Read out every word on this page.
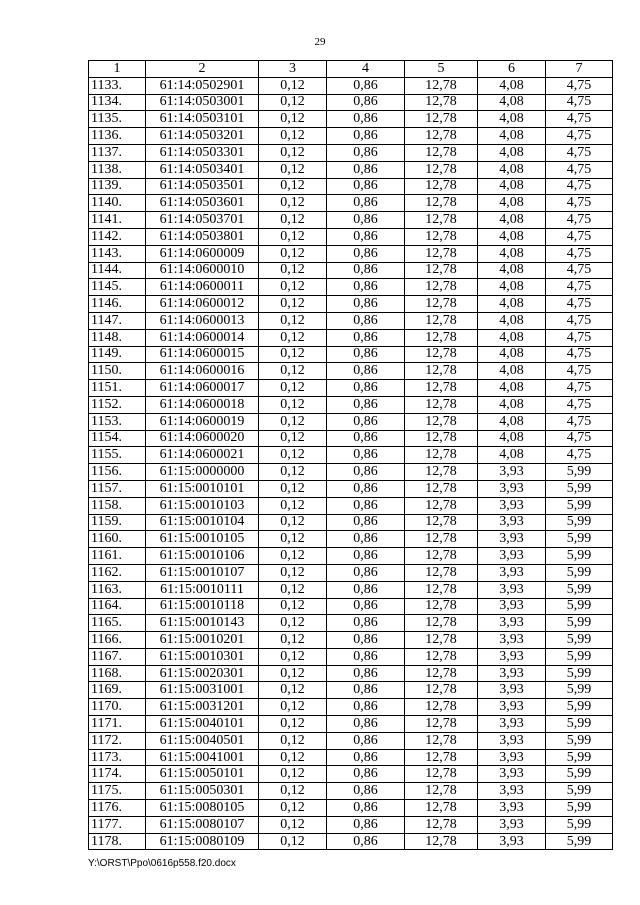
29
1	2	3	4	5	6	7
1133.	61:14:0502901	0,12	0,86	12,78	4,08	4,75
1134.	61:14:0503001	0,12	0,86	12,78	4,08	4,75
1135.	61:14:0503101	0,12	0,86	12,78	4,08	4,75
1136.	61:14:0503201	0,12	0,86	12,78	4,08	4,75
1137.	61:14:0503301	0,12	0,86	12,78	4,08	4,75
1138.	61:14:0503401	0,12	0,86	12,78	4,08	4,75
1139.	61:14:0503501	0,12	0,86	12,78	4,08	4,75
1140.	61:14:0503601	0,12	0,86	12,78	4,08	4,75
1141.	61:14:0503701	0,12	0,86	12,78	4,08	4,75
1142.	61:14:0503801	0,12	0,86	12,78	4,08	4,75
1143.	61:14:0600009	0,12	0,86	12,78	4,08	4,75
1144.	61:14:0600010	0,12	0,86	12,78	4,08	4,75
1145.	61:14:0600011	0,12	0,86	12,78	4,08	4,75
1146.	61:14:0600012	0,12	0,86	12,78	4,08	4,75
1147.	61:14:0600013	0,12	0,86	12,78	4,08	4,75
1148.	61:14:0600014	0,12	0,86	12,78	4,08	4,75
1149.	61:14:0600015	0,12	0,86	12,78	4,08	4,75
1150.	61:14:0600016	0,12	0,86	12,78	4,08	4,75
1151.	61:14:0600017	0,12	0,86	12,78	4,08	4,75
1152.	61:14:0600018	0,12	0,86	12,78	4,08	4,75
1153.	61:14:0600019	0,12	0,86	12,78	4,08	4,75
1154.	61:14:0600020	0,12	0,86	12,78	4,08	4,75
1155.	61:14:0600021	0,12	0,86	12,78	4,08	4,75
1156.	61:15:0000000	0,12	0,86	12,78	3,93	5,99
1157.	61:15:0010101	0,12	0,86	12,78	3,93	5,99
1158.	61:15:0010103	0,12	0,86	12,78	3,93	5,99
1159.	61:15:0010104	0,12	0,86	12,78	3,93	5,99
1160.	61:15:0010105	0,12	0,86	12,78	3,93	5,99
1161.	61:15:0010106	0,12	0,86	12,78	3,93	5,99
1162.	61:15:0010107	0,12	0,86	12,78	3,93	5,99
1163.	61:15:0010111	0,12	0,86	12,78	3,93	5,99
1164.	61:15:0010118	0,12	0,86	12,78	3,93	5,99
1165.	61:15:0010143	0,12	0,86	12,78	3,93	5,99
1166.	61:15:0010201	0,12	0,86	12,78	3,93	5,99
1167.	61:15:0010301	0,12	0,86	12,78	3,93	5,99
1168.	61:15:0020301	0,12	0,86	12,78	3,93	5,99
1169.	61:15:0031001	0,12	0,86	12,78	3,93	5,99
1170.	61:15:0031201	0,12	0,86	12,78	3,93	5,99
1171.	61:15:0040101	0,12	0,86	12,78	3,93	5,99
1172.	61:15:0040501	0,12	0,86	12,78	3,93	5,99
1173.	61:15:0041001	0,12	0,86	12,78	3,93	5,99
1174.	61:15:0050101	0,12	0,86	12,78	3,93	5,99
1175.	61:15:0050301	0,12	0,86	12,78	3,93	5,99
1176.	61:15:0080105	0,12	0,86	12,78	3,93	5,99
1177.	61:15:0080107	0,12	0,86	12,78	3,93	5,99
1178.	61:15:0080109	0,12	0,86	12,78	3,93	5,99
Y:\ORST\Ppo\0616p558.f20.docx
